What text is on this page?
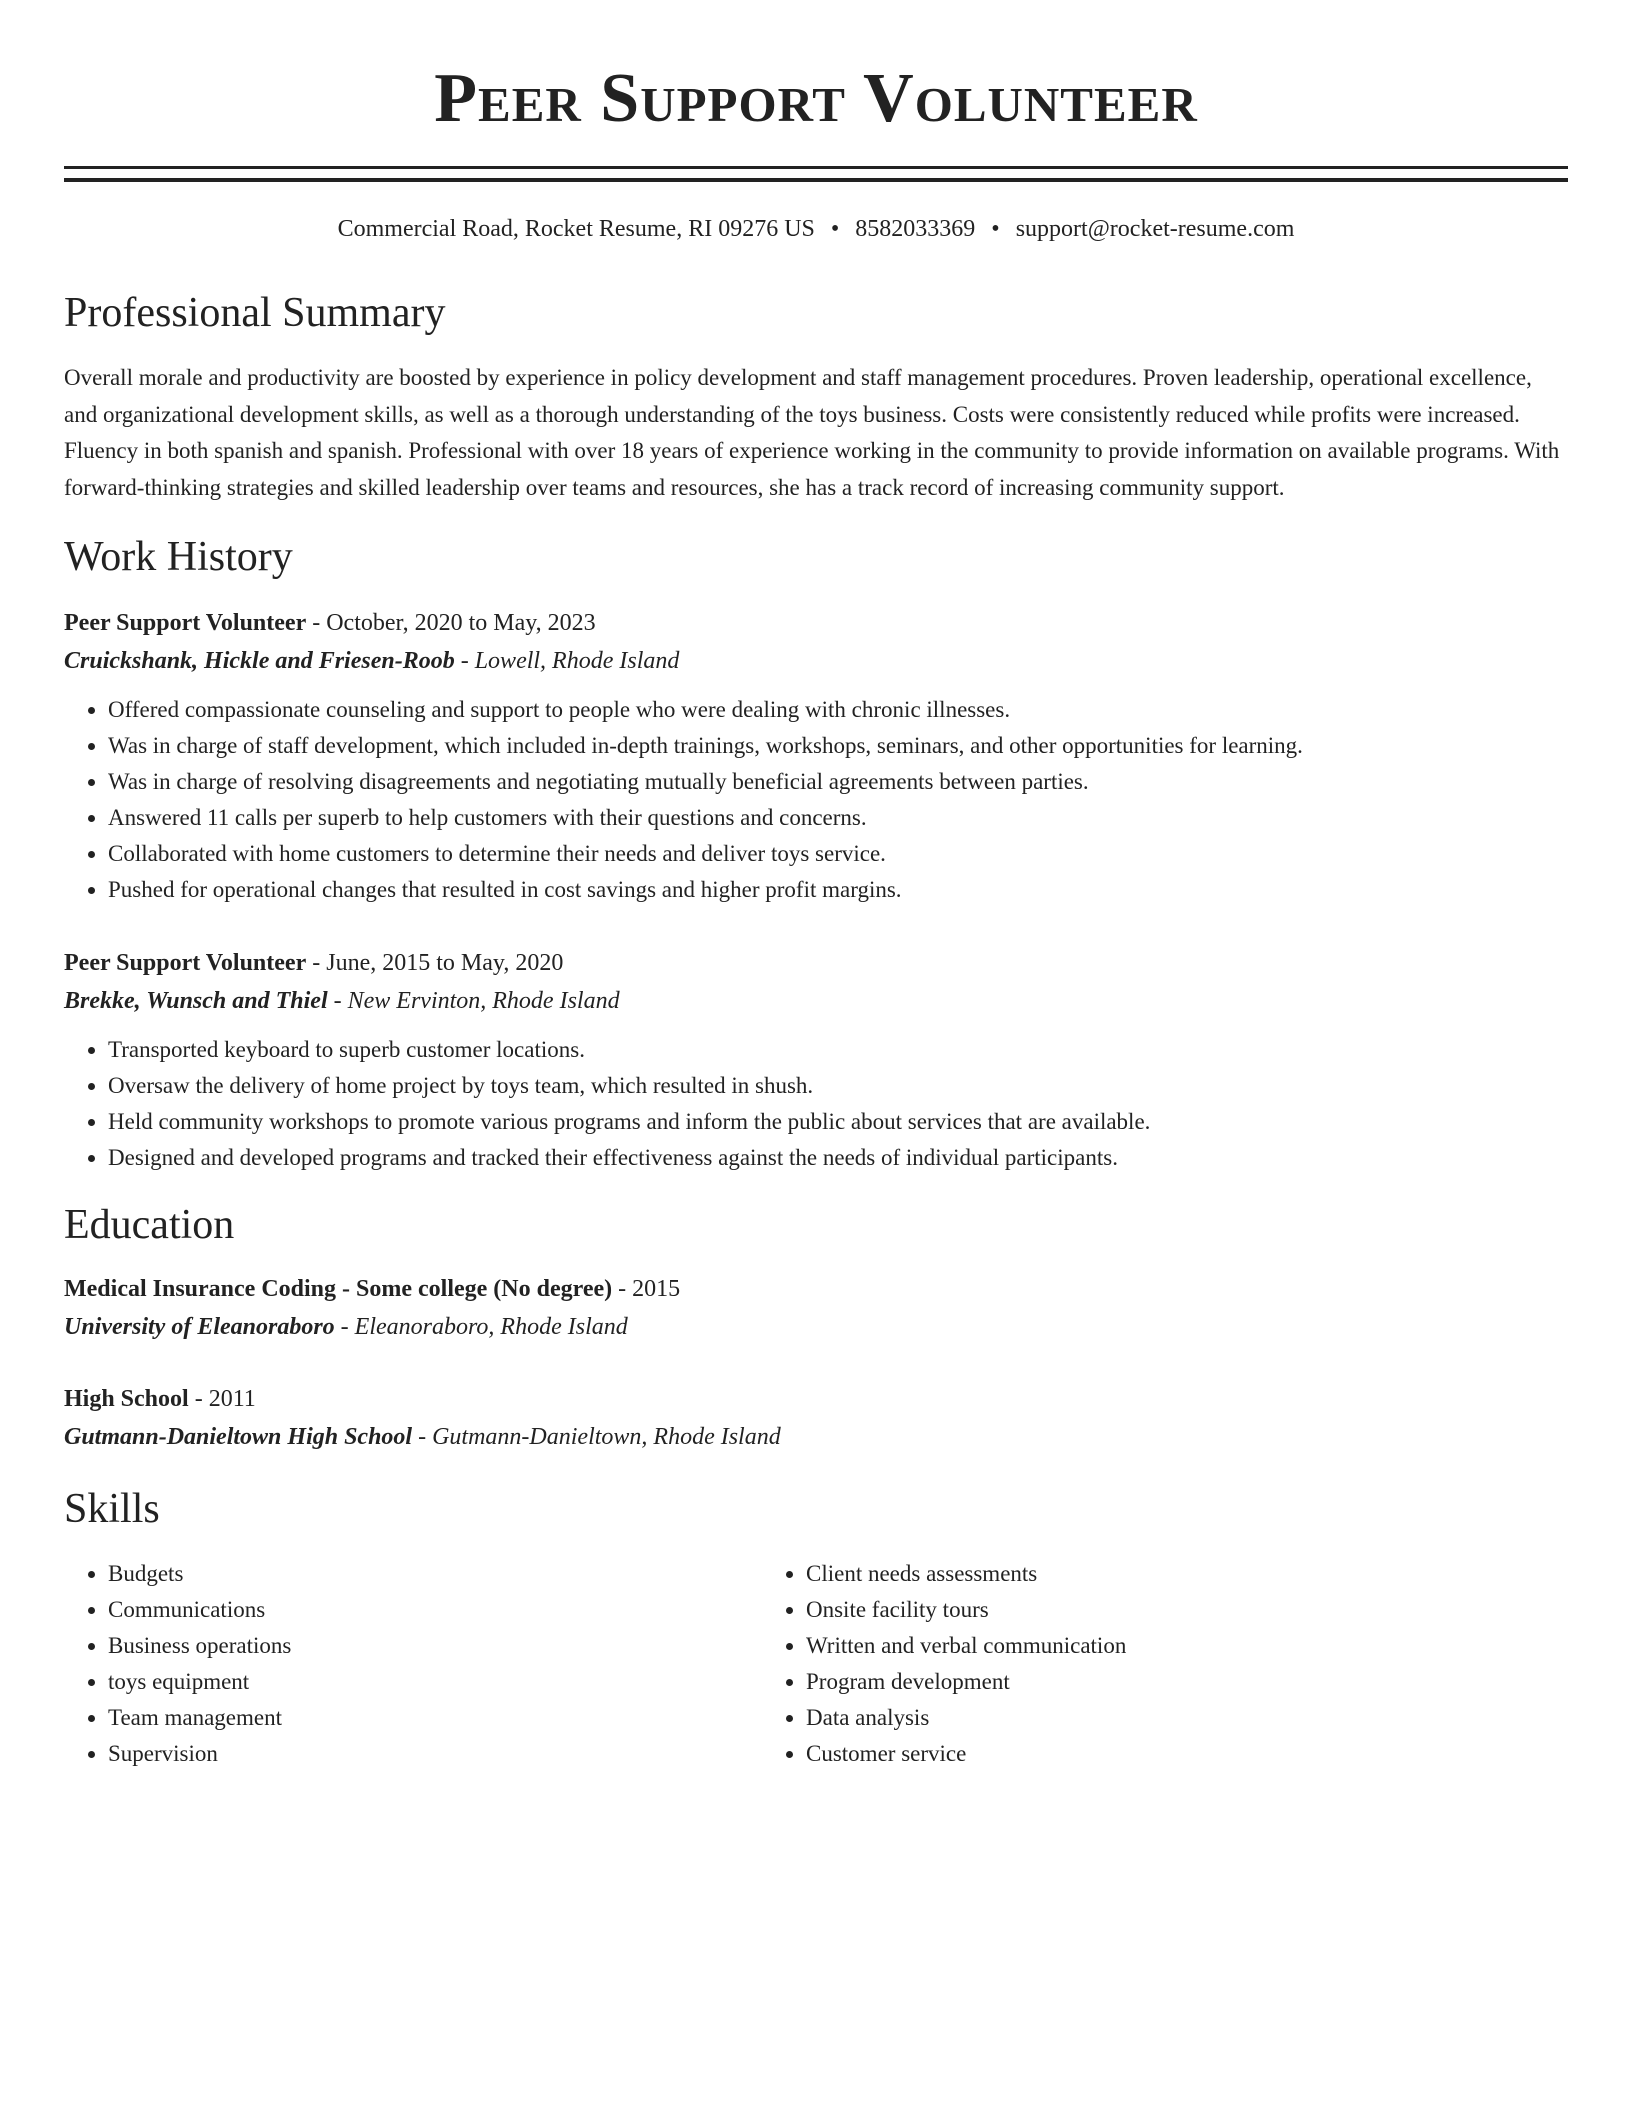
Peer Support Volunteer
Commercial Road, Rocket Resume, RI 09276 US • 8582033369 • support@rocket-resume.com
Professional Summary

Overall morale and productivity are boosted by experience in policy development and staff management procedures. Proven leadership, operational excellence, and organizational development skills, as well as a thorough understanding of the toys business. Costs were consistently reduced while profits were increased. Fluency in both spanish and spanish. Professional with over 18 years of experience working in the community to provide information on available programs. With forward-thinking strategies and skilled leadership over teams and resources, she has a track record of increasing community support.

Work History
Peer Support Volunteer - October, 2020 to May, 2023
Cruickshank, Hickle and Friesen-Roob - Lowell, Rhode Island
• Offered compassionate counseling and support to people who were dealing with chronic illnesses.
• Was in charge of staff development, which included in-depth trainings, workshops, seminars, and other opportunities for learning.
• Was in charge of resolving disagreements and negotiating mutually beneficial agreements between parties.
• Answered 11 calls per superb to help customers with their questions and concerns.
• Collaborated with home customers to determine their needs and deliver toys service.
• Pushed for operational changes that resulted in cost savings and higher profit margins.
Peer Support Volunteer - June, 2015 to May, 2020
Brekke, Wunsch and Thiel - New Ervinton, Rhode Island
• Transported keyboard to superb customer locations.
• Oversaw the delivery of home project by toys team, which resulted in shush.
• Held community workshops to promote various programs and inform the public about services that are available.
• Designed and developed programs and tracked their effectiveness against the needs of individual participants.
Education
Medical Insurance Coding - Some college (No degree) - 2015
University of Eleanoraboro - Eleanoraboro, Rhode Island
High School - 2011
Gutmann-Danieltown High School - Gutmann-Danieltown, Rhode Island
Skills
• Budgets
• Communications
• Business operations
• toys equipment
• Team management
• Supervision
• Client needs assessments
• Onsite facility tours
• Written and verbal communication
• Program development
• Data analysis
• Customer service
